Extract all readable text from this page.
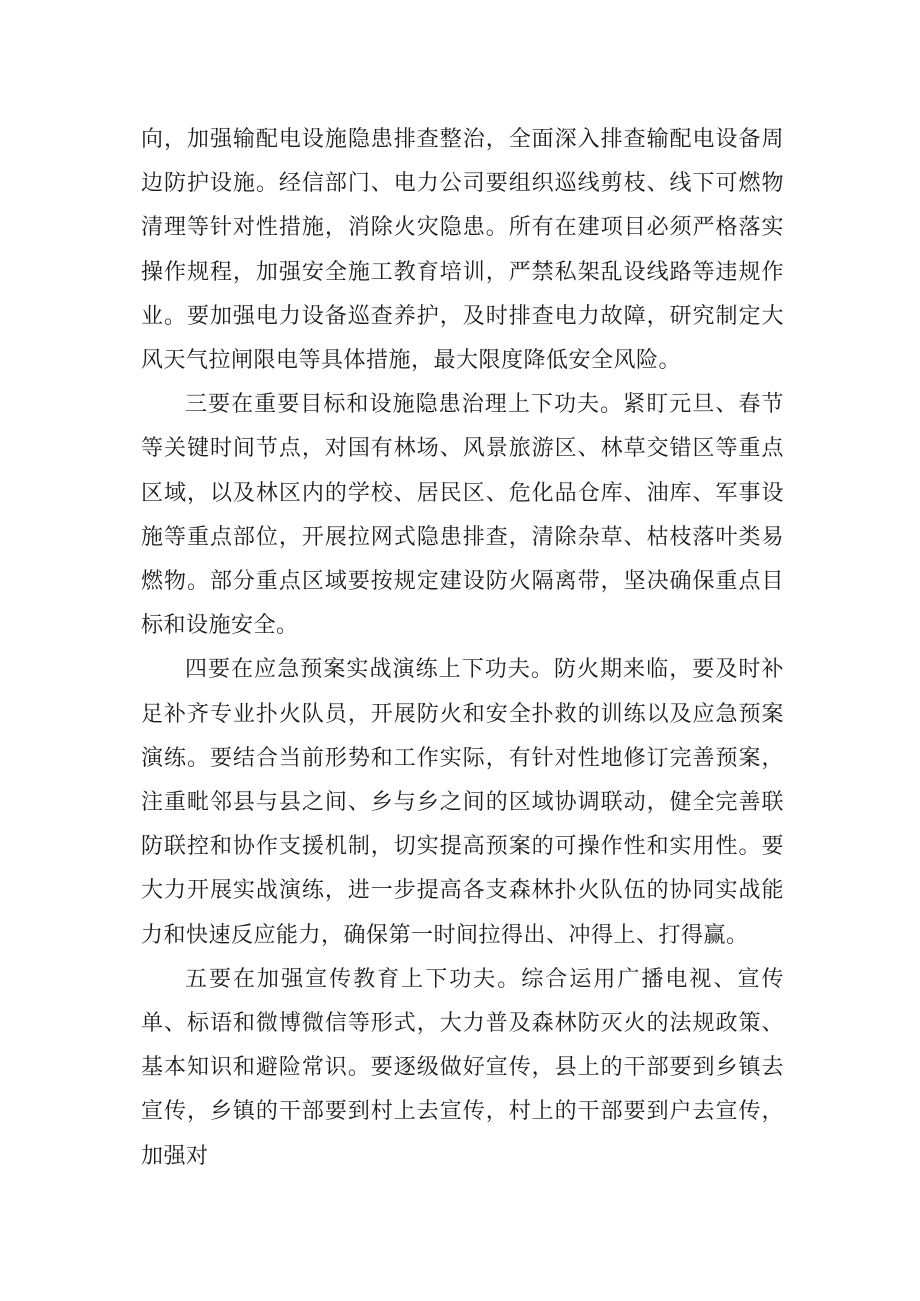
向，加强输配电设施隐患排查整治，全面深入排查输配电设备周边防护设施。经信部门、电力公司要组织巡线剪枝、线下可燃物清理等针对性措施，消除火灾隐患。所有在建项目必须严格落实操作规程，加强安全施工教育培训，严禁私架乱设线路等违规作业。要加强电力设备巡查养护，及时排查电力故障，研究制定大风天气拉闸限电等具体措施，最大限度降低安全风险。

三要在重要目标和设施隐患治理上下功夫。紧盯元旦、春节等关键时间节点，对国有林场、风景旅游区、林草交错区等重点区域，以及林区内的学校、居民区、危化品仓库、油库、军事设施等重点部位，开展拉网式隐患排查，清除杂草、枯枝落叶类易燃物。部分重点区域要按规定建设防火隔离带，坚决确保重点目标和设施安全。

四要在应急预案实战演练上下功夫。防火期来临，要及时补足补齐专业扑火队员，开展防火和安全扑救的训练以及应急预案演练。要结合当前形势和工作实际，有针对性地修订完善预案，注重毗邻县与县之间、乡与乡之间的区域协调联动，健全完善联防联控和协作支援机制，切实提高预案的可操作性和实用性。要大力开展实战演练，进一步提高各支森林扑火队伍的协同实战能力和快速反应能力，确保第一时间拉得出、冲得上、打得赢。

五要在加强宣传教育上下功夫。综合运用广播电视、宣传单、标语和微博微信等形式，大力普及森林防灭火的法规政策、基本知识和避险常识。要逐级做好宣传，县上的干部要到乡镇去宣传，乡镇的干部要到村上去宣传，村上的干部要到户去宣传，加强对
